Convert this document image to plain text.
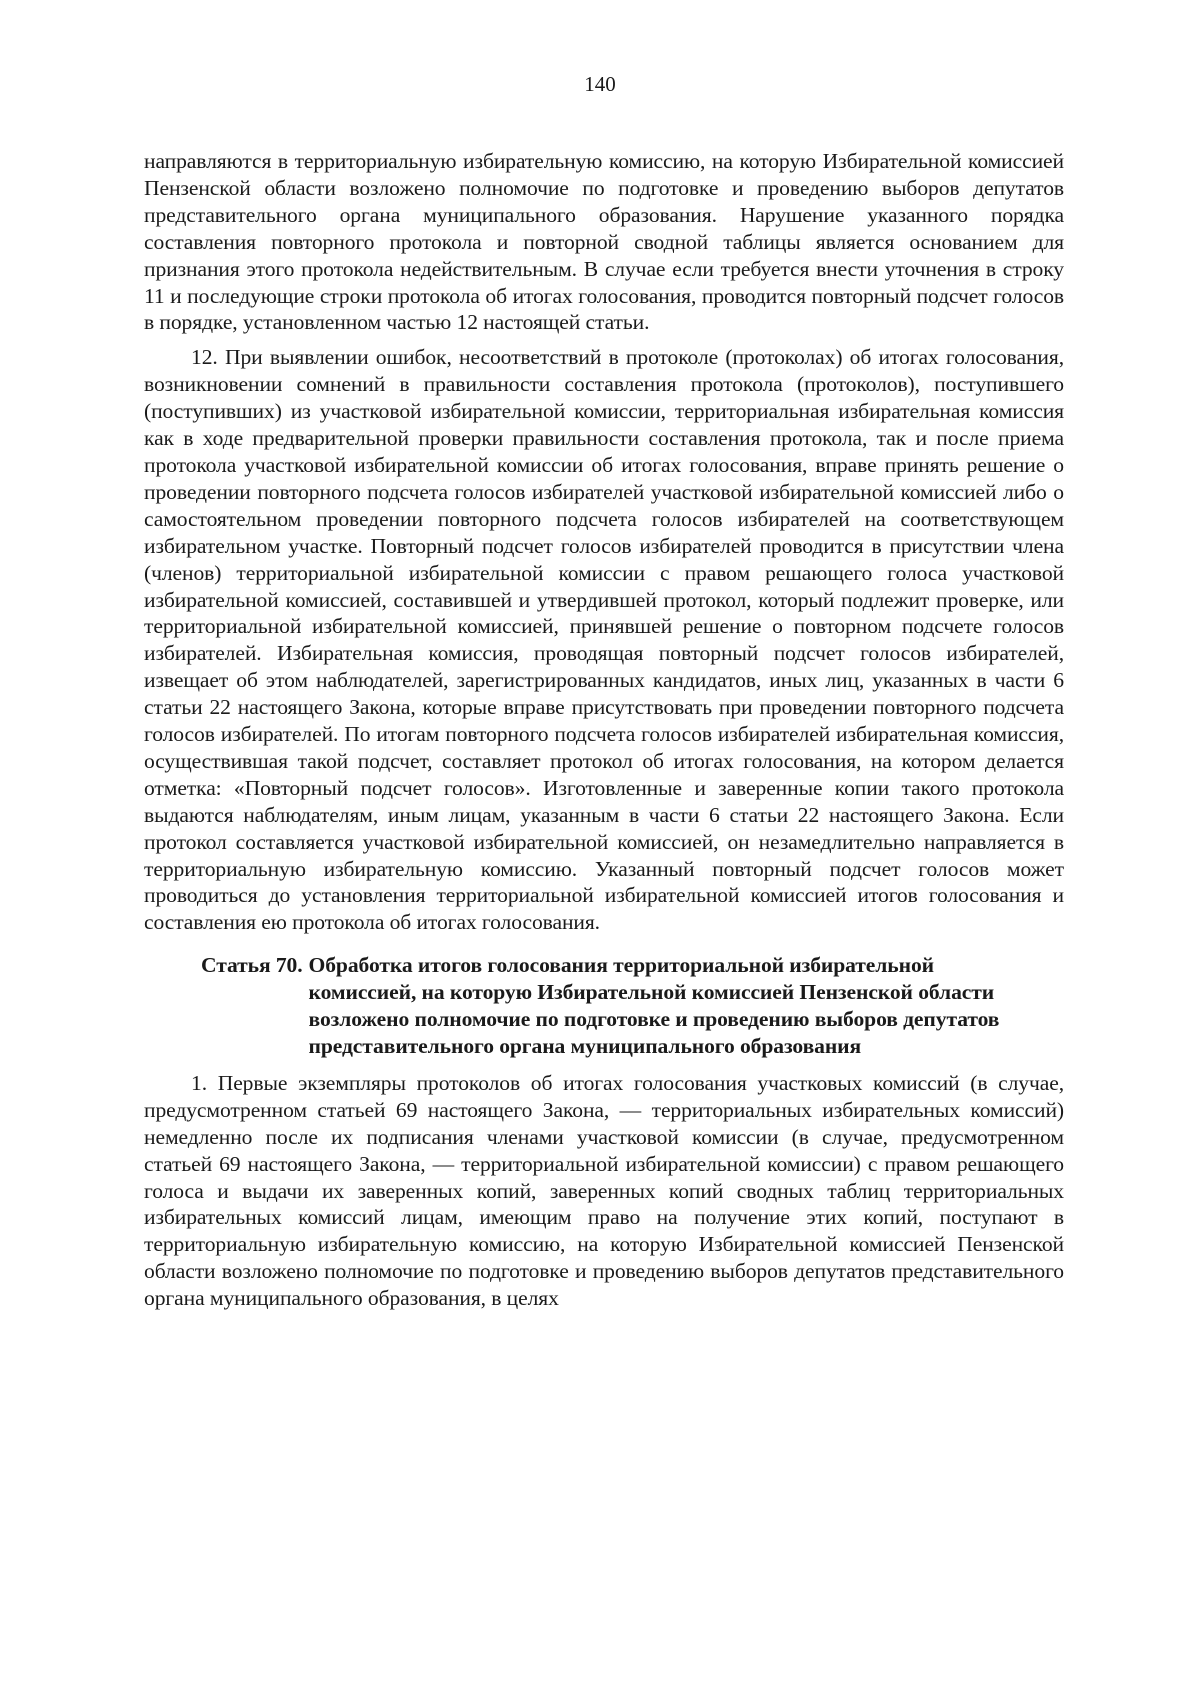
140

направляются в территориальную избирательную комиссию, на которую Избирательной комиссией Пензенской области возложено полномочие по подготовке и проведению выборов депутатов представительного органа муниципального образования. Нарушение указанного порядка составления повторного протокола и повторной сводной таблицы является основанием для признания этого протокола недействительным. В случае если требуется внести уточнения в строку 11 и последующие строки протокола об итогах голосования, проводится повторный подсчет голосов в порядке, установленном частью 12 настоящей статьи.

12. При выявлении ошибок, несоответствий в протоколе (протоколах) об итогах голосования, возникновении сомнений в правильности составления протокола (протоколов), поступившего (поступивших) из участковой избирательной комиссии, территориальная избирательная комиссия как в ходе предварительной проверки правильности составления протокола, так и после приема протокола участковой избирательной комиссии об итогах голосования, вправе принять решение о проведении повторного подсчета голосов избирателей участковой избирательной комиссией либо о самостоятельном проведении повторного подсчета голосов избирателей на соответствующем избирательном участке. Повторный подсчет голосов избирателей проводится в присутствии члена (членов) территориальной избирательной комиссии с правом решающего голоса участковой избирательной комиссией, составившей и утвердившей протокол, который подлежит проверке, или территориальной избирательной комиссией, принявшей решение о повторном подсчете голосов избирателей. Избирательная комиссия, проводящая повторный подсчет голосов избирателей, извещает об этом наблюдателей, зарегистрированных кандидатов, иных лиц, указанных в части 6 статьи 22 настоящего Закона, которые вправе присутствовать при проведении повторного подсчета голосов избирателей. По итогам повторного подсчета голосов избирателей избирательная комиссия, осуществившая такой подсчет, составляет протокол об итогах голосования, на котором делается отметка: «Повторный подсчет голосов». Изготовленные и заверенные копии такого протокола выдаются наблюдателям, иным лицам, указанным в части 6 статьи 22 настоящего Закона. Если протокол составляется участковой избирательной комиссией, он незамедлительно направляется в территориальную избирательную комиссию. Указанный повторный подсчет голосов может проводиться до установления территориальной избирательной комиссией итогов голосования и составления ею протокола об итогах голосования.

Статья 70. Обработка итогов голосования территориальной избирательной комиссией, на которую Избирательной комиссией Пензенской области возложено полномочие по подготовке и проведению выборов депутатов представительного органа муниципального образования

1. Первые экземпляры протоколов об итогах голосования участковых комиссий (в случае, предусмотренном статьей 69 настоящего Закона, — территориальных избирательных комиссий) немедленно после их подписания членами участковой комиссии (в случае, предусмотренном статьей 69 настоящего Закона, — территориальной избирательной комиссии) с правом решающего голоса и выдачи их заверенных копий, заверенных копий сводных таблиц территориальных избирательных комиссий лицам, имеющим право на получение этих копий, поступают в территориальную избирательную комиссию, на которую Избирательной комиссией Пензенской области возложено полномочие по подготовке и проведению выборов депутатов представительного органа муниципального образования, в целях
